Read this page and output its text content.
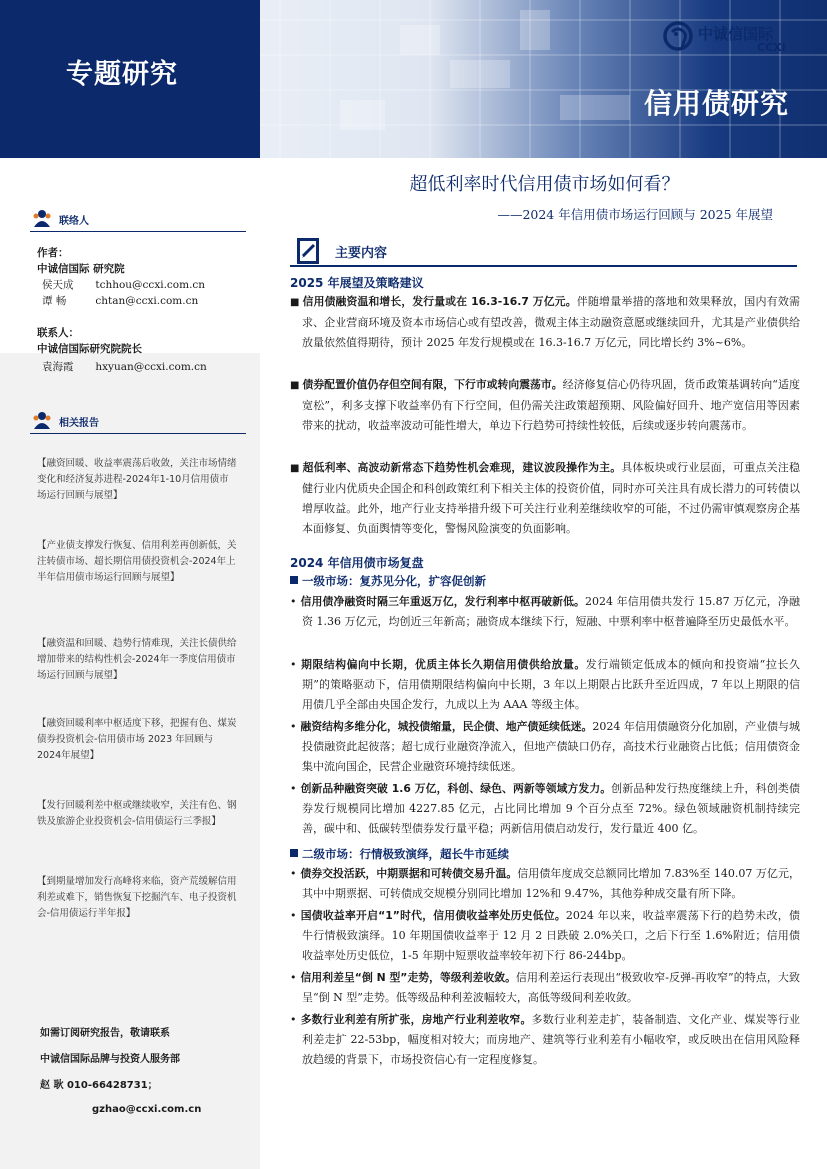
专题研究
中诚信国际
CCXI
信用债研究
联络人
作者：
中诚信国际 研究院
侯天成 tchhou@ccxi.com.cn
谭 畅	chtan@ccxi.com.cn
联系人：
中诚信国际研究院院长
袁海霞 hxyuan@ccxi.com.cn
相关报告
【融资回暖、收益率震荡后收敛，关注市场情绪变化和经济复苏进程-2024年1-10月信用债市场运行回顾与展望】
【产业债支撑发行恢复、信用利差再创新低，关注转债市场、超长期信用债投资机会-2024年上半年信用债市场运行回顾与展望】
【融资温和回暖、趋势行情难现，关注长债供给增加带来的结构性机会-2024年一季度信用债市场运行回顾与展望】
【融资回暖利率中枢适度下移，把握有色、煤炭债券投资机会-信用债市场 2023 年回顾与 2024年展望】
【发行回暖利差中枢或继续收窄，关注有色、钢铁及旅游企业投资机会-信用债运行三季报】
【到期量增加发行高峰将来临，资产荒缓解信用利差或难下，销售恢复下挖掘汽车、电子投资机会-信用债运行半年报】
如需订阅研究报告，敬请联系
中诚信国际品牌与投资人服务部
赵 耿 010-66428731；
gzhao@ccxi.com.cn
超低利率时代信用债市场如何看？
——2024 年信用债市场运行回顾与 2025 年展望
主要内容
2025 年展望及策略建议
■ 信用债融资温和增长，发行量或在 16.3-16.7 万亿元。伴随增量举措的落地和效果释放，国内有效需求、企业营商环境及资本市场信心或有望改善，微观主体主动融资意愿或继续回升，尤其是产业债供给放量依然值得期待，预计 2025 年发行规模或在 16.3-16.7 万亿元，同比增长约 3%~6%。
■ 债券配置价值仍存但空间有限，下行市或转向震荡市。经济修复信心仍待巩固，货币政策基调转向“适度宽松”，利多支撑下收益率仍有下行空间，但仍需关注政策超预期、风险偏好回升、地产宽信用等因素带来的扰动，收益率波动可能性增大，单边下行趋势可持续性较低，后续或逐步转向震荡市。
■ 超低利率、高波动新常态下趋势性机会难现，建议波段操作为主。具体板块或行业层面，可重点关注稳健行业内优质央企国企和科创政策红利下相关主体的投资价值，同时亦可关注具有成长潜力的可转债以增厚收益。此外，地产行业支持举措升级下可关注行业利差继续收窄的可能，不过仍需审慎观察房企基本面修复、负面舆情等变化，警惕风险演变的负面影响。
2024 年信用债市场复盘
一级市场：复苏见分化，扩容促创新
• 信用债净融资时隔三年重返万亿，发行利率中枢再破新低。2024 年信用债共发行 15.87 万亿元，净融资 1.36 万亿元，均创近三年新高；融资成本继续下行，短融、中票利率中枢普遍降至历史最低水平。
• 期限结构偏向中长期，优质主体长久期信用债供给放量。发行端锁定低成本的倾向和投资端“拉长久期”的策略驱动下，信用债期限结构偏向中长期，3 年以上期限占比跃升至近四成，7 年以上期限的信用债几乎全部由央国企发行，九成以上为 AAA 等级主体。
• 融资结构多维分化，城投债缩量，民企债、地产债延续低迷。2024 年信用债融资分化加剧，产业债与城投债融资此起彼落；超七成行业融资净流入，但地产债缺口仍存，高技术行业融资占比低；信用债资金集中流向国企，民营企业融资环境持续低迷。
• 创新品种融资突破 1.6 万亿，科创、绿色、两新等领域方发力。创新品种发行热度继续上升，科创类债券发行规模同比增加 4227.85 亿元，占比同比增加 9 个百分点至 72%。绿色领域融资机制持续完善，碳中和、低碳转型债券发行量平稳；两新信用债启动发行，发行量近 400 亿。
二级市场：行情极致演绎，超长牛市延续
• 债券交投活跃，中期票据和可转债交易升温。信用债年度成交总额同比增加 7.83%至 140.07 万亿元，其中中期票据、可转债成交规模分别同比增加 12%和 9.47%，其他券种成交量有所下降。
• 国债收益率开启“1”时代，信用债收益率处历史低位。2024 年以来，收益率震荡下行的趋势未改，债牛行情极致演绎。10 年期国债收益率于 12 月 2 日跌破 2.0%关口，之后下行至 1.6%附近；信用债收益率处历史低位，1-5 年期中短票收益率较年初下行 86-244bp。
• 信用利差呈“倒 N 型”走势，等级利差收敛。信用利差运行表现出“极致收窄-反弹-再收窄”的特点，大致呈“倒 N 型”走势。低等级品种利差波幅较大，高低等级间利差收敛。
• 多数行业利差有所扩张，房地产行业利差收窄。多数行业利差走扩，装备制造、文化产业、煤炭等行业利差走扩 22-53bp，幅度相对较大；而房地产、建筑等行业利差有小幅收窄，或反映出在信用风险释放趋缓的背景下，市场投资信心有一定程度修复。
